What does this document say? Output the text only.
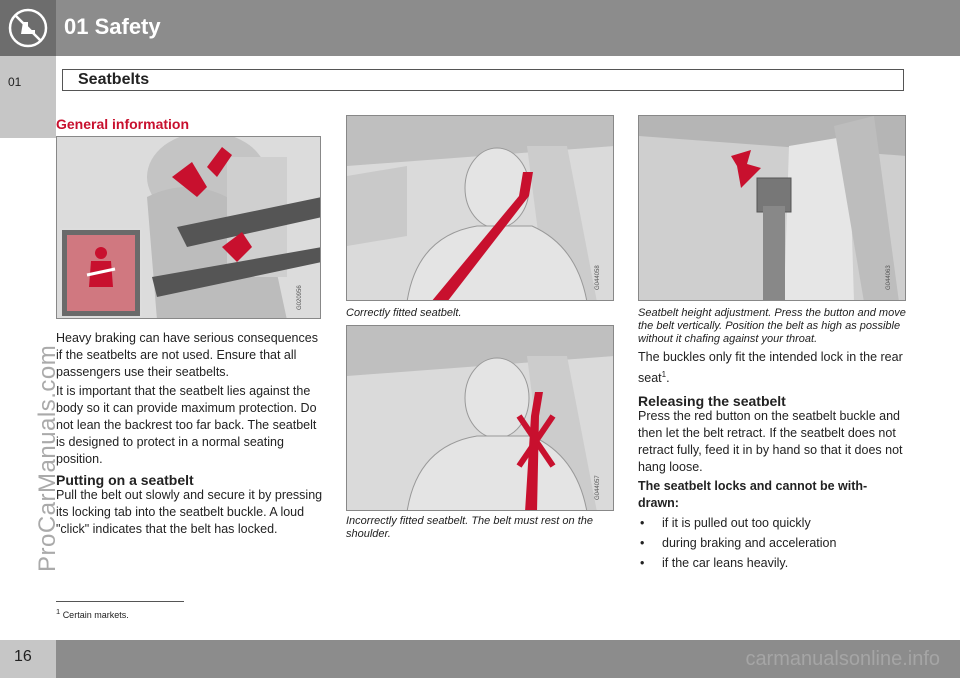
01 Safety
01	Seatbelts
ProCarManuals.com
General information
G020956
Heavy braking can have serious consequences if the seatbelts are not used. Ensure that all passengers use their seatbelts.
It is important that the seatbelt lies against the body so it can provide maximum protection. Do not lean the backrest too far back. The seatbelt is designed to protect in a normal seating position.
Putting on a seatbelt
Pull the belt out slowly and secure it by pressing its locking tab into the seatbelt buckle. A loud "click" indicates that the belt has locked.
G044058
Correctly fitted seatbelt.
G044057
Incorrectly fitted seatbelt. The belt must rest on the shoulder.
G044063
Seatbelt height adjustment. Press the button and move the belt vertically. Position the belt as high as possible without it chafing against your throat.
The buckles only fit the intended lock in the rear seat$^1$.
Releasing the seatbelt
Press the red button on the seatbelt buckle and then let the belt retract. If the seatbelt does not retract fully, feed it in by hand so that it does not hang loose.
The seatbelt locks and cannot be with-drawn:
• if it is pulled out too quickly
• during braking and acceleration
• if the car leans heavily.
$^1$ Certain markets.
16	carmanualsonline.info
